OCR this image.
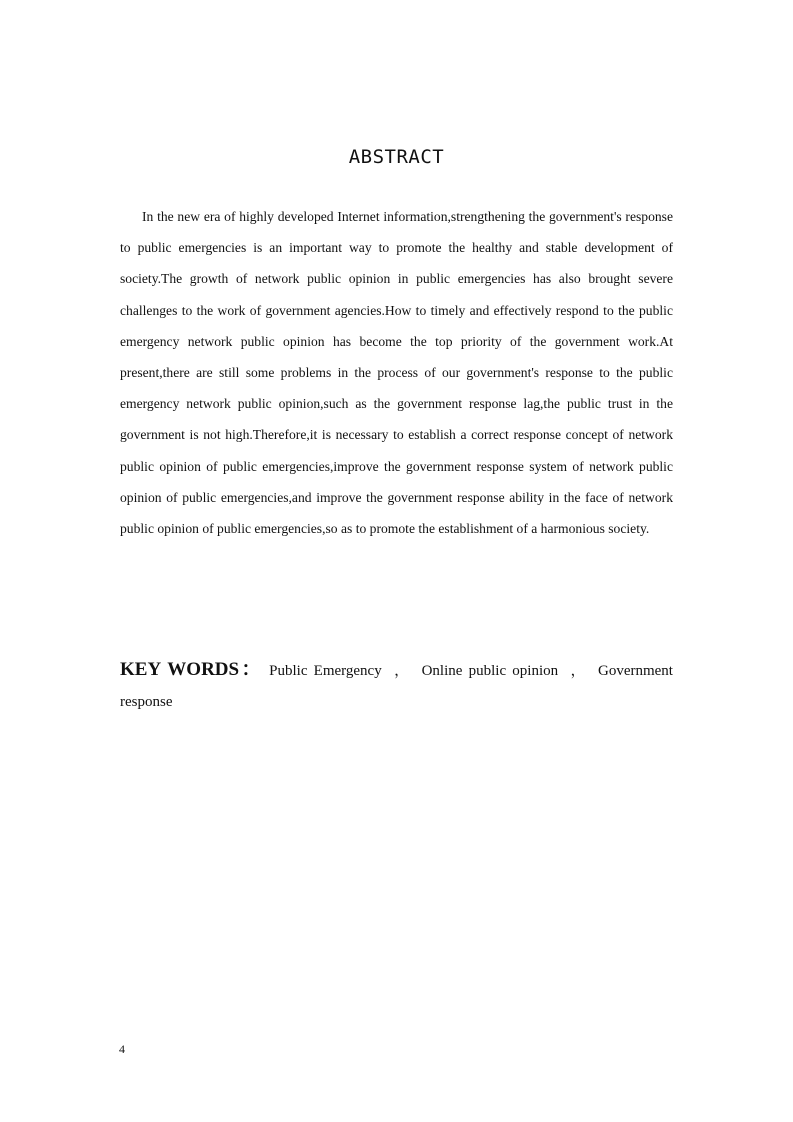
ABSTRACT

In the new era of highly developed Internet information,strengthening the government's response to public emergencies is an important way to promote the healthy and stable development of society.The growth of network public opinion in public emergencies has also brought severe challenges to the work of government agencies.How to timely and effectively respond to the public emergency network public opinion has become the top priority of the government work.At present,there are still some problems in the process of our government's response to the public emergency network public opinion,such as the government response lag,the public trust in the government is not high.Therefore,it is necessary to establish a correct response concept of network public opinion of public emergencies,improve the government response system of network public opinion of public emergencies,and improve the government response ability in the face of network public opinion of public emergencies,so as to promote the establishment of a harmonious society.

KEY WORDS： Public Emergency ， Online public opinion ， Government response

4
